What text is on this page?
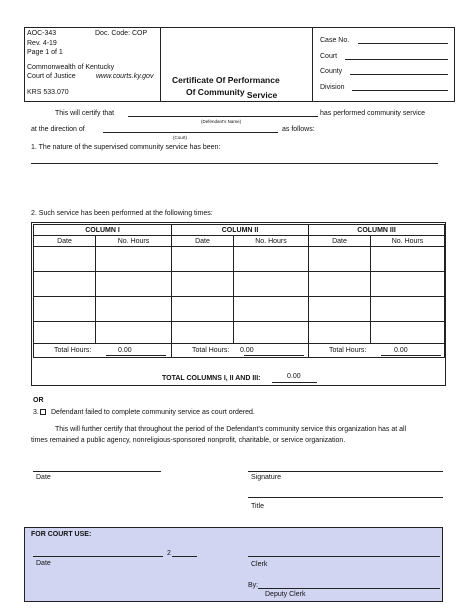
AOC-343	Doc. Code: COP
Rev. 4-19
Page 1 of 1
Commonwealth of Kentucky
Court of Justice	www.courts.ky.gov
KRS 533.070
Certificate Of Performance
Of Community Service
Case No.
Court
County
Division
This will certify that	has performed community service
(Defendant's Name)
at the direction of	as follows:
(Court)
1. The nature of the supervised community service has been:
2. Such service has been performed at the following times:
COLUMN I		COLUMN II		COLUMN III	
Date	No. Hours	Date	No. Hours	Date	No. Hours

Total Hours: 0.00		Total Hours: 0.00		Total Hours: 0.00	
TOTAL COLUMNS I, II AND III:	0.00
OR
3. Defendant failed to complete community service as court ordered.
This will further certify that throughout the period of the Defendant's community service this organization has at all
times remained a public agency, nonreligious-sponsored nonprofit, charitable, or service organization.
Date	Signature
Title
FOR COURT USE:
2
Date	Clerk
By:
Deputy Clerk
